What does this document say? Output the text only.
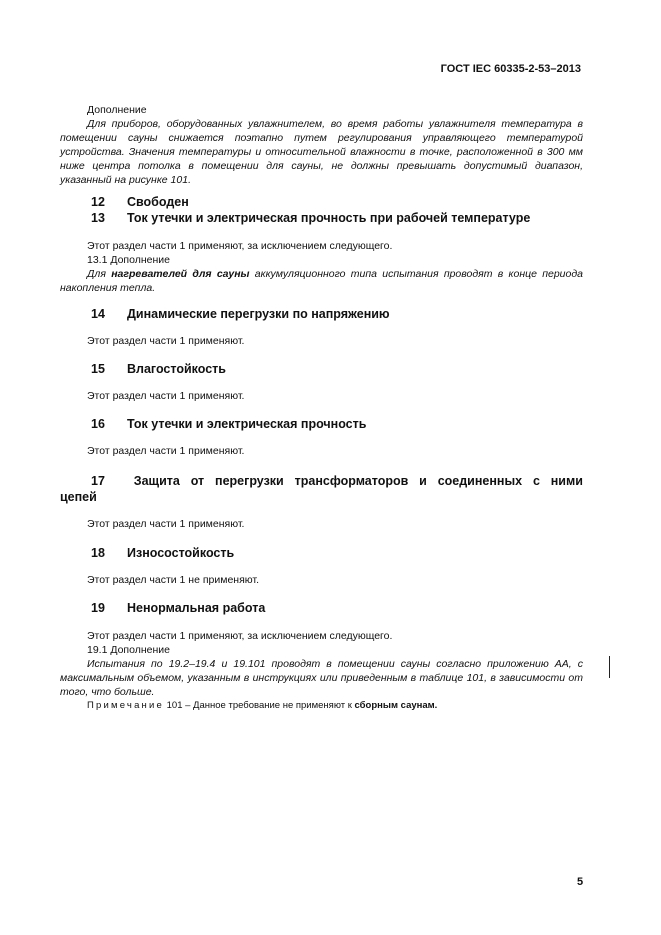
ГОСТ IEC 60335-2-53–2013
Дополнение
Для приборов, оборудованных увлажнителем, во время работы увлажнителя температура в помещении сауны снижается поэтапно путем регулирования управляющего температурой устройства. Значения температуры и относительной влажности в точке, расположенной в 300 мм ниже центра потолка в помещении для сауны, не должны превышать допустимый диапазон, указанный на рисунке 101.
12 Свободен
13 Ток утечки и электрическая прочность при рабочей температуре
Этот раздел части 1 применяют, за исключением следующего.
13.1 Дополнение
Для нагревателей для сауны аккумуляционного типа испытания проводят в конце периода накопления тепла.
14 Динамические перегрузки по напряжению
Этот раздел части 1 применяют.
15 Влагостойкость
Этот раздел части 1 применяют.
16 Ток утечки и электрическая прочность
Этот раздел части 1 применяют.
17 Защита от перегрузки трансформаторов и соединенных с ними
цепей
Этот раздел части 1 применяют.
18 Износостойкость
Этот раздел части 1 не применяют.
19 Ненормальная работа
Этот раздел части 1 применяют, за исключением следующего.
19.1 Дополнение
Испытания по 19.2–19.4 и 19.101 проводят в помещении сауны согласно приложению АА, с максимальным объемом, указанным в инструкциях или приведенным в таблице 101, в зависимости от того, что больше.
Примечание 101 – Данное требование не применяют к сборным саунам.
5
